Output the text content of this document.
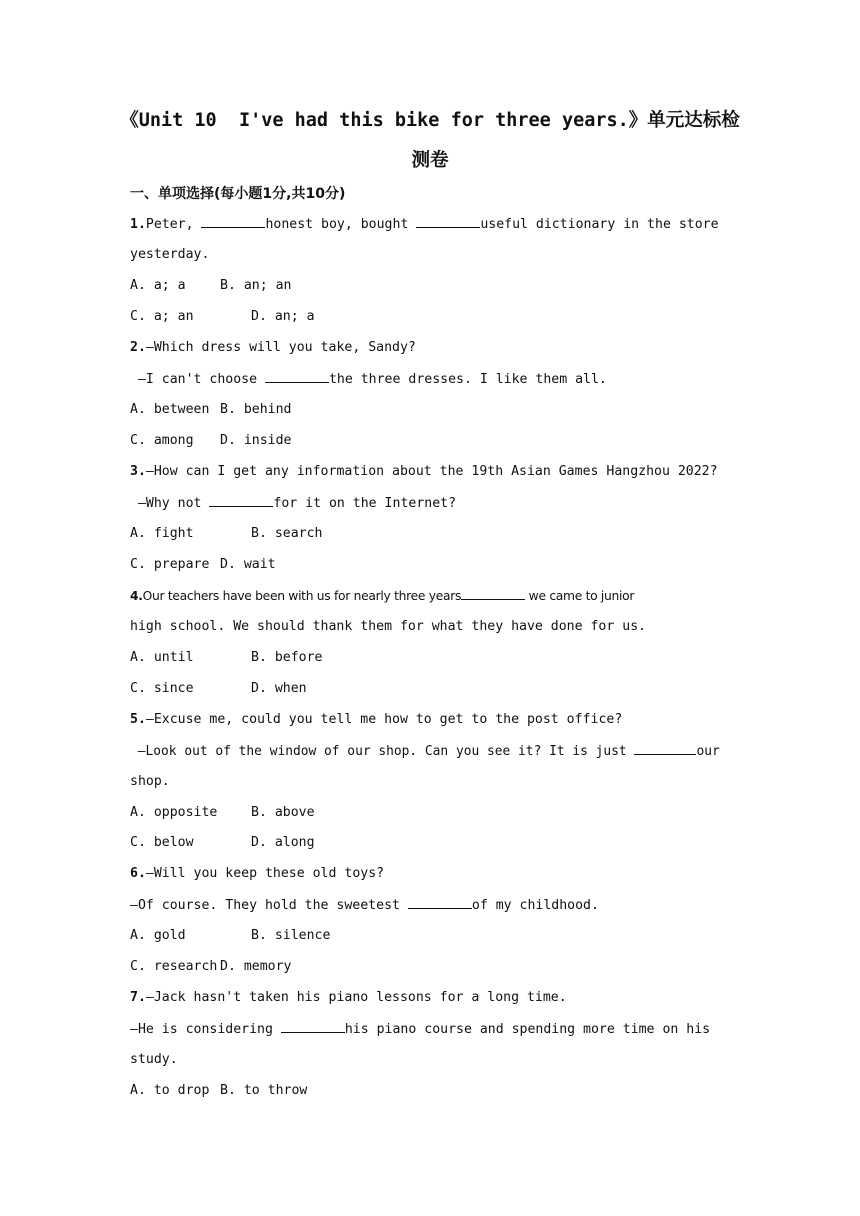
《Unit 10  I've had this bike for three years.》单元达标检
测卷
一、单项选择(每小题1分,共10分)
1.Peter,	honest boy, bought	useful dictionary in the store
yesterday.
A. a; a	B. an; an
C. a; an	D. an; a
2.—Which dress will you take, Sandy?
—I can't choose	the three dresses. I like them all.
A. between B. behind
C. among D. inside
3.—How can I get any information about the 19th Asian Games Hangzhou 2022?
—Why not	for it on the Internet?
A. fight	B. search
C. prepare D. wait
4.Our teachers have been with us for nearly three years	we came to junior
high school. We should thank them for what they have done for us.
A. until	B. before
C. since	D. when
5.—Excuse me, could you tell me how to get to the post office?
—Look out of the window of our shop. Can you see it? It is just	our
shop.
A. opposite	B. above
C. below	D. along
6.—Will you keep these old toys?
—Of course. They hold the sweetest	of my childhood.
A. gold	B. silence
C. research D. memory
7.—Jack hasn't taken his piano lessons for a long time.
—He is considering	his piano course and spending more time on his
study.
A. to drop B. to throw
